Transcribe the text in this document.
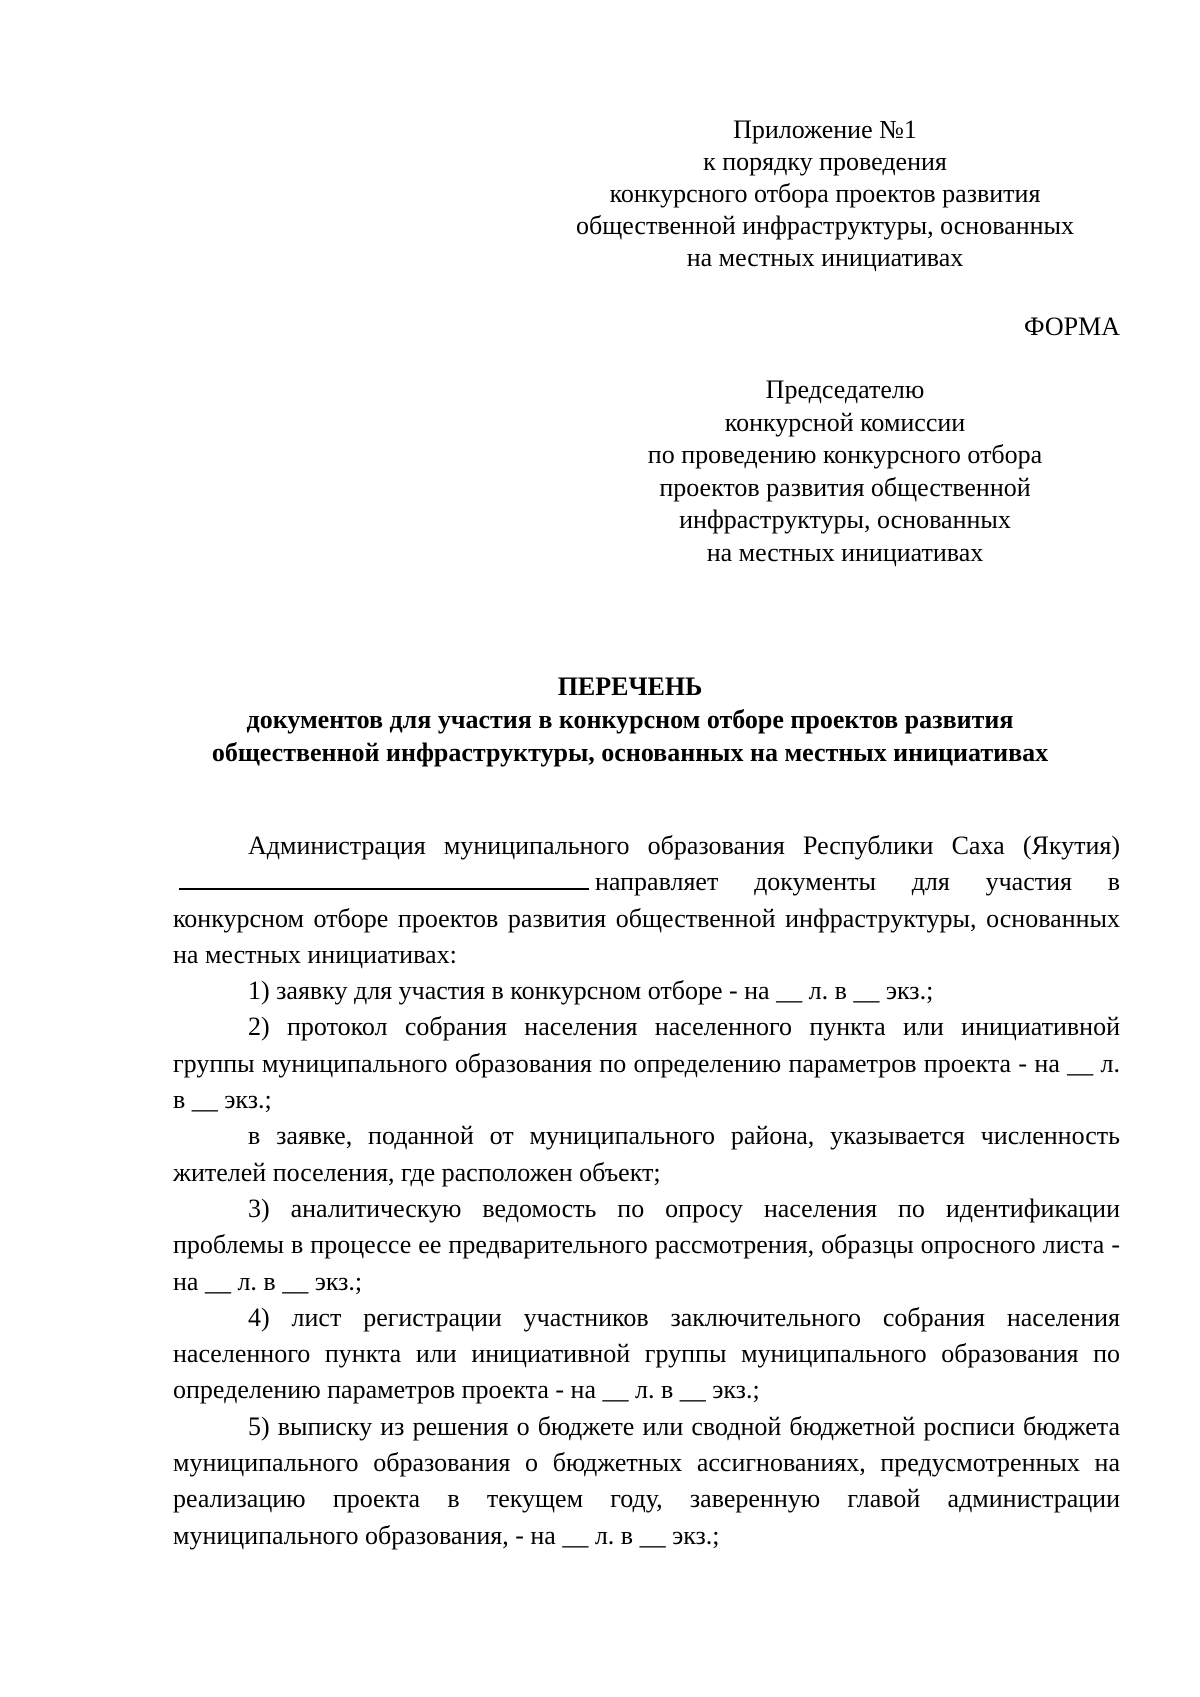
Приложение №1
к порядку проведения
конкурсного отбора проектов развития
общественной инфраструктуры, основанных
на местных инициативах
ФОРМА
Председателю
конкурсной комиссии
по проведению конкурсного отбора
проектов развития общественной
инфраструктуры, основанных
на местных инициативах
ПЕРЕЧЕНЬ
документов для участия в конкурсном отборе проектов развития
общественной инфраструктуры, основанных на местных инициативах

Администрация муниципального образования Республики Саха (Якутия)направляет документы для участия в конкурсном отборе проектов развития общественной инфраструктуры, основанных на местных инициативах:

1) заявку для участия в конкурсном отборе - на __ л. в __ экз.;

2) протокол собрания населения населенного пункта или инициативной группы муниципального образования по определению параметров проекта - на __ л. в __ экз.;

в заявке, поданной от муниципального района, указывается численность жителей поселения, где расположен объект;

3) аналитическую ведомость по опросу населения по идентификации проблемы в процессе ее предварительного рассмотрения, образцы опросного листа - на __ л. в __ экз.;

4) лист регистрации участников заключительного собрания населения населенного пункта или инициативной группы муниципального образования по определению параметров проекта - на __ л. в __ экз.;

5) выписку из решения о бюджете или сводной бюджетной росписи бюджета муниципального образования о бюджетных ассигнованиях, предусмотренных на реализацию проекта в текущем году, заверенную главой администрации муниципального образования, - на __ л. в __ экз.;
